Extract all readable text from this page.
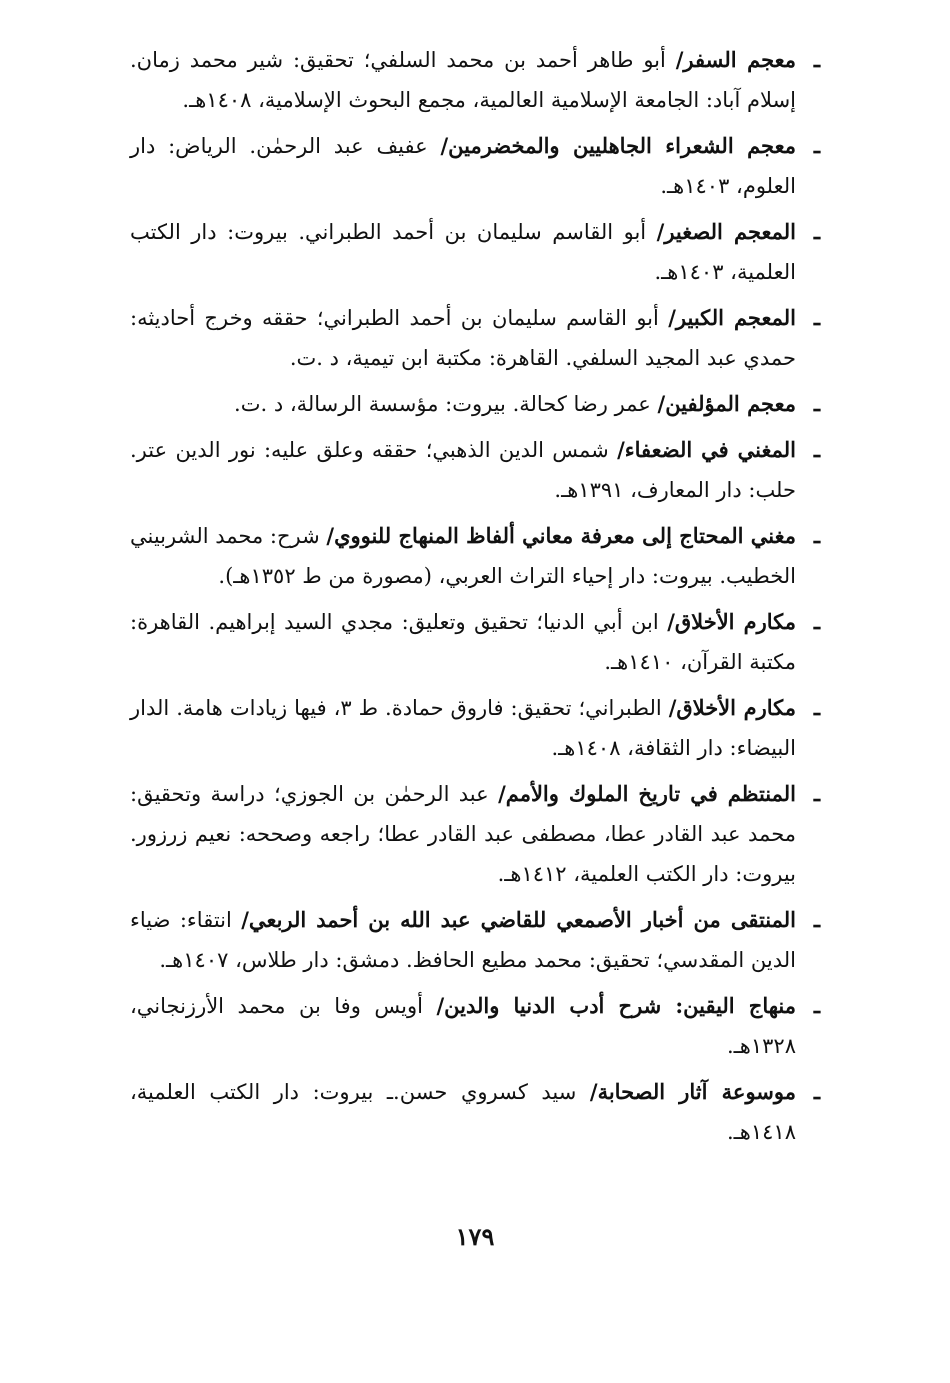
ـ
معجم السفر/ أبو طاهر أحمد بن محمد السلفي؛ تحقيق: شير محمد زمان. إسلام آباد: الجامعة الإسلامية العالمية، مجمع البحوث الإسلامية، ١٤٠٨هـ.

ـ
معجم الشعراء الجاهليين والمخضرمين/ عفيف عبد الرحمٰن. الرياض: دار العلوم، ١٤٠٣هـ.

ـ
المعجم الصغير/ أبو القاسم سليمان بن أحمد الطبراني. بيروت: دار الكتب العلمية، ١٤٠٣هـ.

ـ
المعجم الكبير/ أبو القاسم سليمان بن أحمد الطبراني؛ حققه وخرج أحاديثه: حمدي عبد المجيد السلفي. القاهرة: مكتبة ابن تيمية، د .ت.

ـ
معجم المؤلفين/ عمر رضا كحالة. بيروت: مؤسسة الرسالة، د .ت.

ـ
المغني في الضعفاء/ شمس الدين الذهبي؛ حققه وعلق عليه: نور الدين عتر. حلب: دار المعارف، ١٣٩١هـ.

ـ
مغني المحتاج إلى معرفة معاني ألفاظ المنهاج للنووي/ شرح: محمد الشربيني الخطيب. بيروت: دار إحياء التراث العربي، (مصورة من ط ١٣٥٢هـ).

ـ
مكارم الأخلاق/ ابن أبي الدنيا؛ تحقيق وتعليق: مجدي السيد إبراهيم. القاهرة: مكتبة القرآن، ١٤١٠هـ.

ـ
مكارم الأخلاق/ الطبراني؛ تحقيق: فاروق حمادة. ط ٣، فيها زيادات هامة. الدار البيضاء: دار الثقافة، ١٤٠٨هـ.

ـ
المنتظم في تاريخ الملوك والأمم/ عبد الرحمٰن بن الجوزي؛ دراسة وتحقيق: محمد عبد القادر عطا، مصطفى عبد القادر عطا؛ راجعه وصححه: نعيم زرزور. بيروت: دار الكتب العلمية، ١٤١٢هـ.

ـ
المنتقى من أخبار الأصمعي للقاضي عبد الله بن أحمد الربعي/ انتقاء: ضياء الدين المقدسي؛ تحقيق: محمد مطيع الحافظ. دمشق: دار طلاس، ١٤٠٧هـ.

ـ
منهاج اليقين: شرح أدب الدنيا والدين/ أويس وفا بن محمد الأرزنجاني، ١٣٢٨هـ.

ـ
موسوعة آثار الصحابة/ سيد كسروي حسن.ـ بيروت: دار الكتب العلمية، ١٤١٨هـ.

١٧٩
